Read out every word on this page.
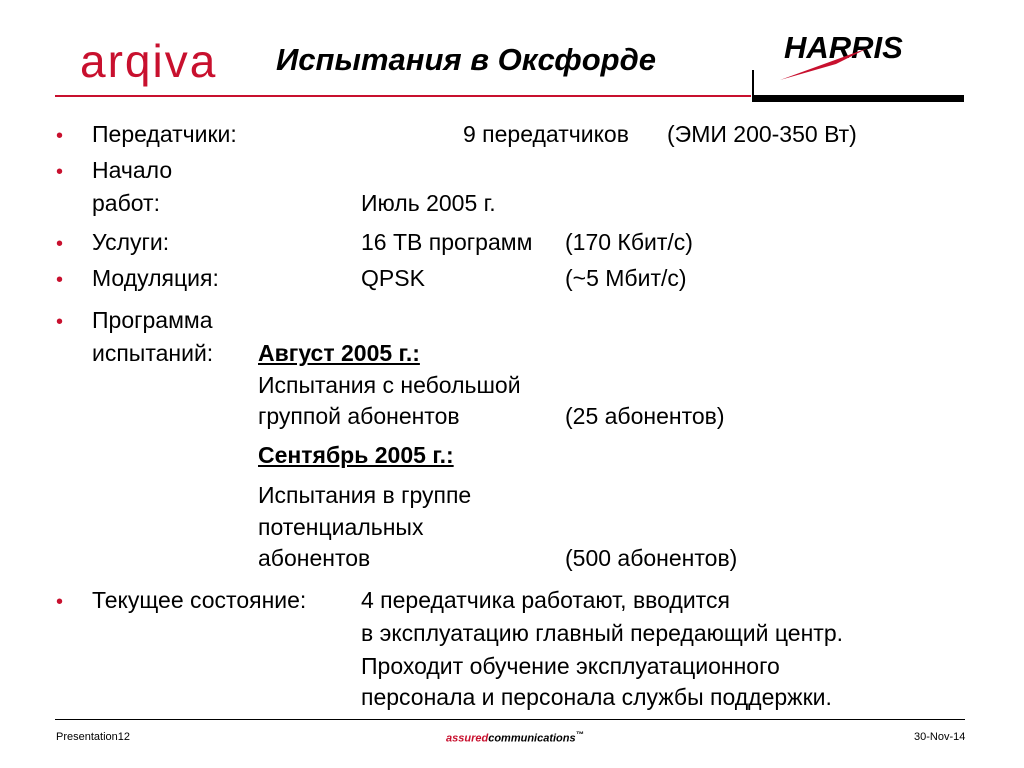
arqiva Испытания в Оксфорде	HARRIS
• Передатчики:	9 передатчиков (ЭМИ 200-350 Вт)
• Начало
работ:	Июль 2005 г.
• Услуги:	16 ТВ программ (170 Кбит/с)
• Модуляция:	QPSK	(~5 Мбит/с)
• Программа
испытаний: Август 2005 г.:
Испытания с небольшой
группой абонентов	(25 абонентов)
Сентябрь 2005 г.:
Испытания в группе
потенциальных
абонентов	(500 абонентов)
• Текущее состояние: 4 передатчика работают, вводится
в эксплуатацию главный передающий центр.
Проходит обучение эксплуатационного
персонала и персонала службы поддержки.
Presentation12	assuredcommunications™	30-Nov-14
